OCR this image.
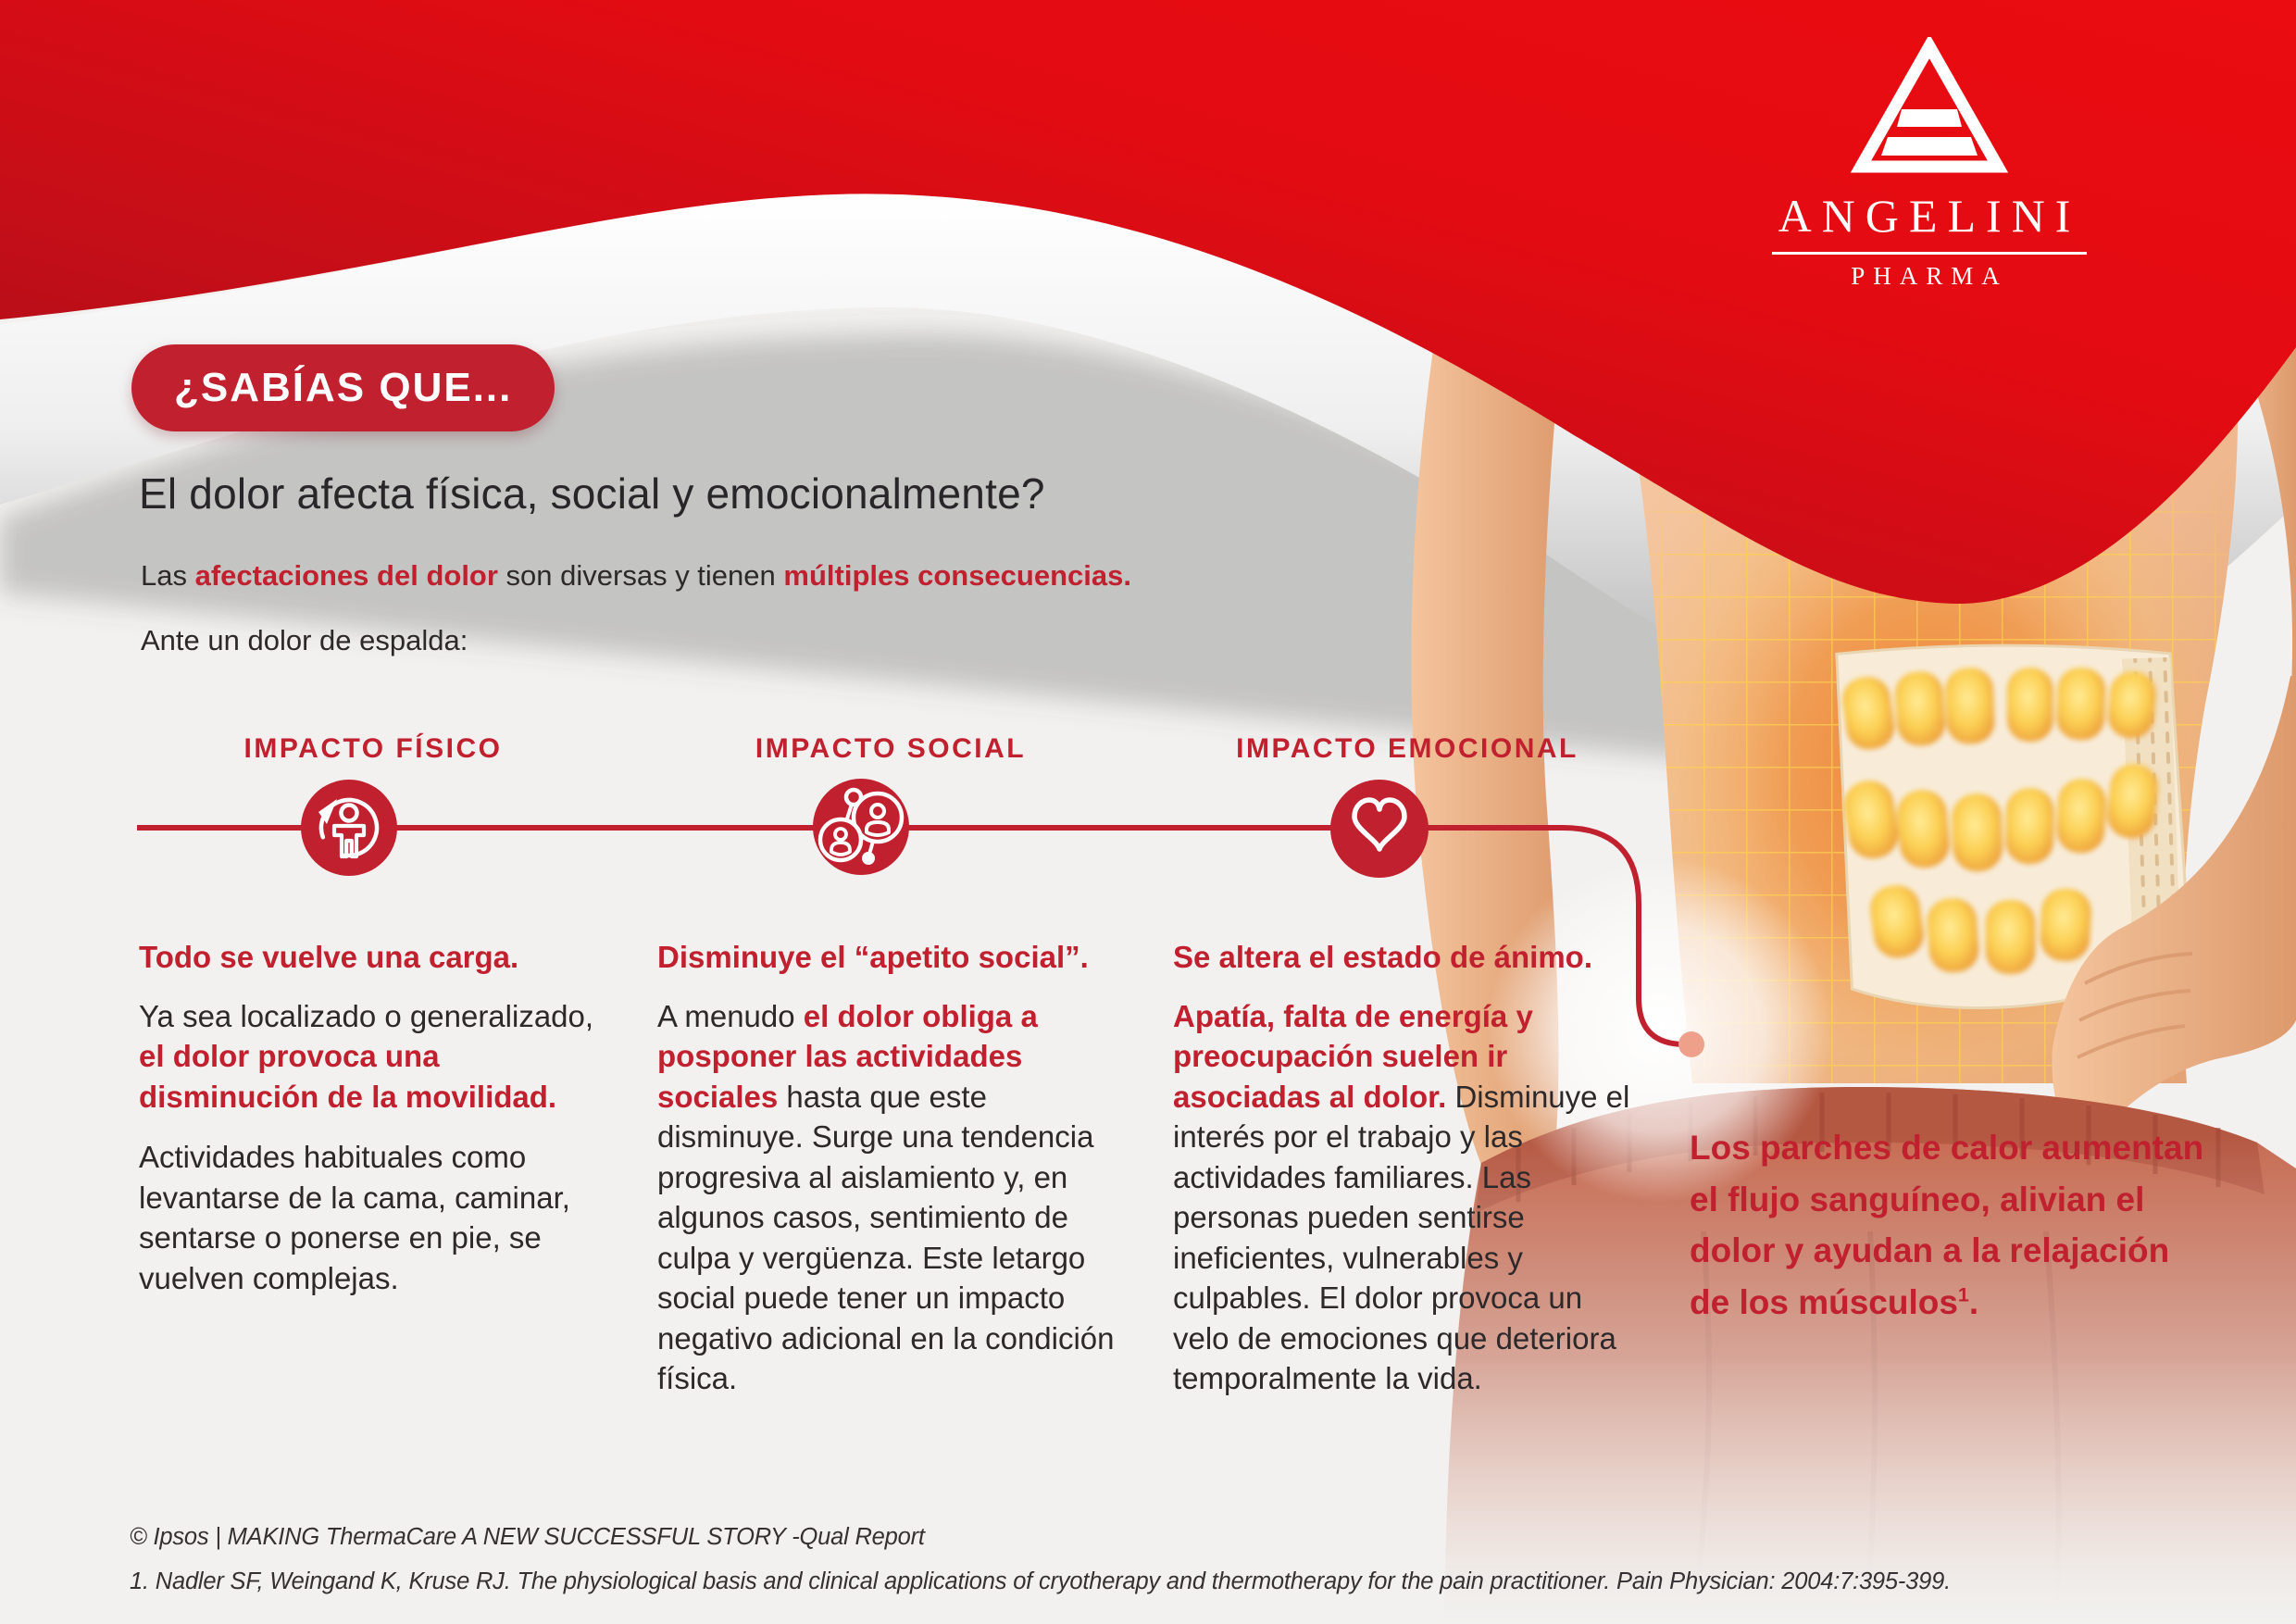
ANGELINI
PHARMA
¿SABÍAS QUE...
El dolor afecta física, social y emocionalmente?
Las afectaciones del dolor son diversas y tienen múltiples consecuencias.
Ante un dolor de espalda:
IMPACTO FÍSICO	IMPACTO SOCIAL	IMPACTO EMOCIONAL

Todo se vuelve una carga.

Ya sea localizado o generalizado, el dolor provoca una disminución de la movilidad.

Actividades habituales como levantarse de la cama, caminar, sentarse o ponerse en pie, se vuelven complejas.

Disminuye el “apetito social”.

A menudo el dolor obliga a posponer las actividades sociales hasta que este disminuye. Surge una tendencia progresiva al aislamiento y, en algunos casos, sentimiento de culpa y vergüenza. Este letargo social puede tener un impacto negativo adicional en la condición física.

Se altera el estado de ánimo.

Apatía, falta de energía y preocupación suelen ir asociadas al dolor. Disminuye el interés por el trabajo y las actividades familiares. Las personas pueden sentirse ineficientes, vulnerables y culpables. El dolor provoca un velo de emociones que deteriora temporalmente la vida.

Los parches de calor aumentan el flujo sanguíneo, alivian el dolor y ayudan a la relajación de los músculos$^1$.
© Ipsos | MAKING ThermaCare A NEW SUCCESSFUL STORY -Qual Report
1. Nadler SF, Weingand K, Kruse RJ. The physiological basis and clinical applications of cryotherapy and thermotherapy for the pain practitioner. Pain Physician: 2004:7:395-399.
